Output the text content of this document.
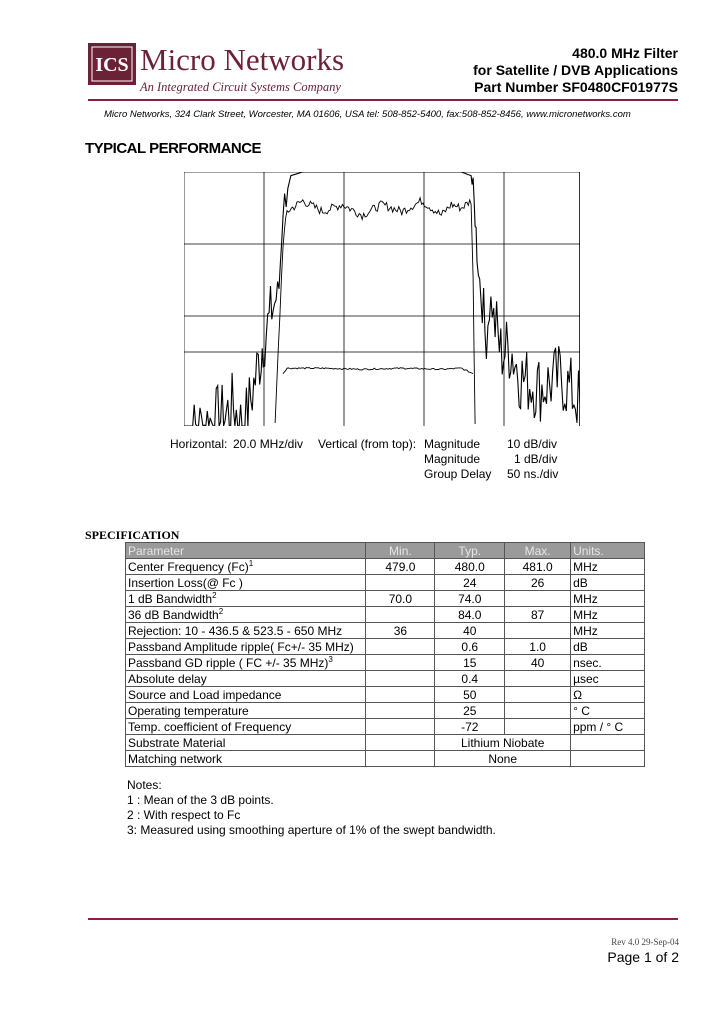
ICS Micro Networks
An Integrated Circuit Systems Company
480.0 MHz Filter
for Satellite / DVB Applications
Part Number SF0480CF01977S
Micro Networks, 324 Clark Street, Worcester, MA 01606, USA tel: 508-852-5400, fax:508-852-8456, www.micronetworks.com
TYPICAL PERFORMANCE
Horizontal: 20.0 MHz/div Vertical (from top): Magnitude 10 dB/div
Magnitude	1 dB/div
Group Delay 50 ns./div
SPECIFICATION
Parameter	Min.	Typ.	Max.	Units.
Center Frequency $(Fc)^1$	479.0	480.0	481.0	MHz
Insertion Loss(@ Fc )		24	26	dB
1 dB Bandwidth$^2$	70.0	74.0		MHz
36 dB Bandwidth$^2$		84.0	87	MHz
Rejection: 10 - 436.5 & 523.5 - 650 MHz	36	40		MHz
Passband Amplitude ripple( Fc+/- 35 MHz)		0.6	1.0	dB
Passband GD ripple ( FC +/- 35 MHz)$^3$		15	40	nsec.
Absolute delay		0.4		µsec
Source and Load impedance		50		Ω
Operating temperature		25		° C
Temp. coefficient of Frequency		-72		ppm / ° C
Substrate Material		Lithium Niobate		
Matching network		None		
Notes:
1 : Mean of the 3 dB points.
2 : With respect to Fc
3: Measured using smoothing aperture of 1% of the swept bandwidth.
Rev 4.0 29-Sep-04
Page 1 of 2
